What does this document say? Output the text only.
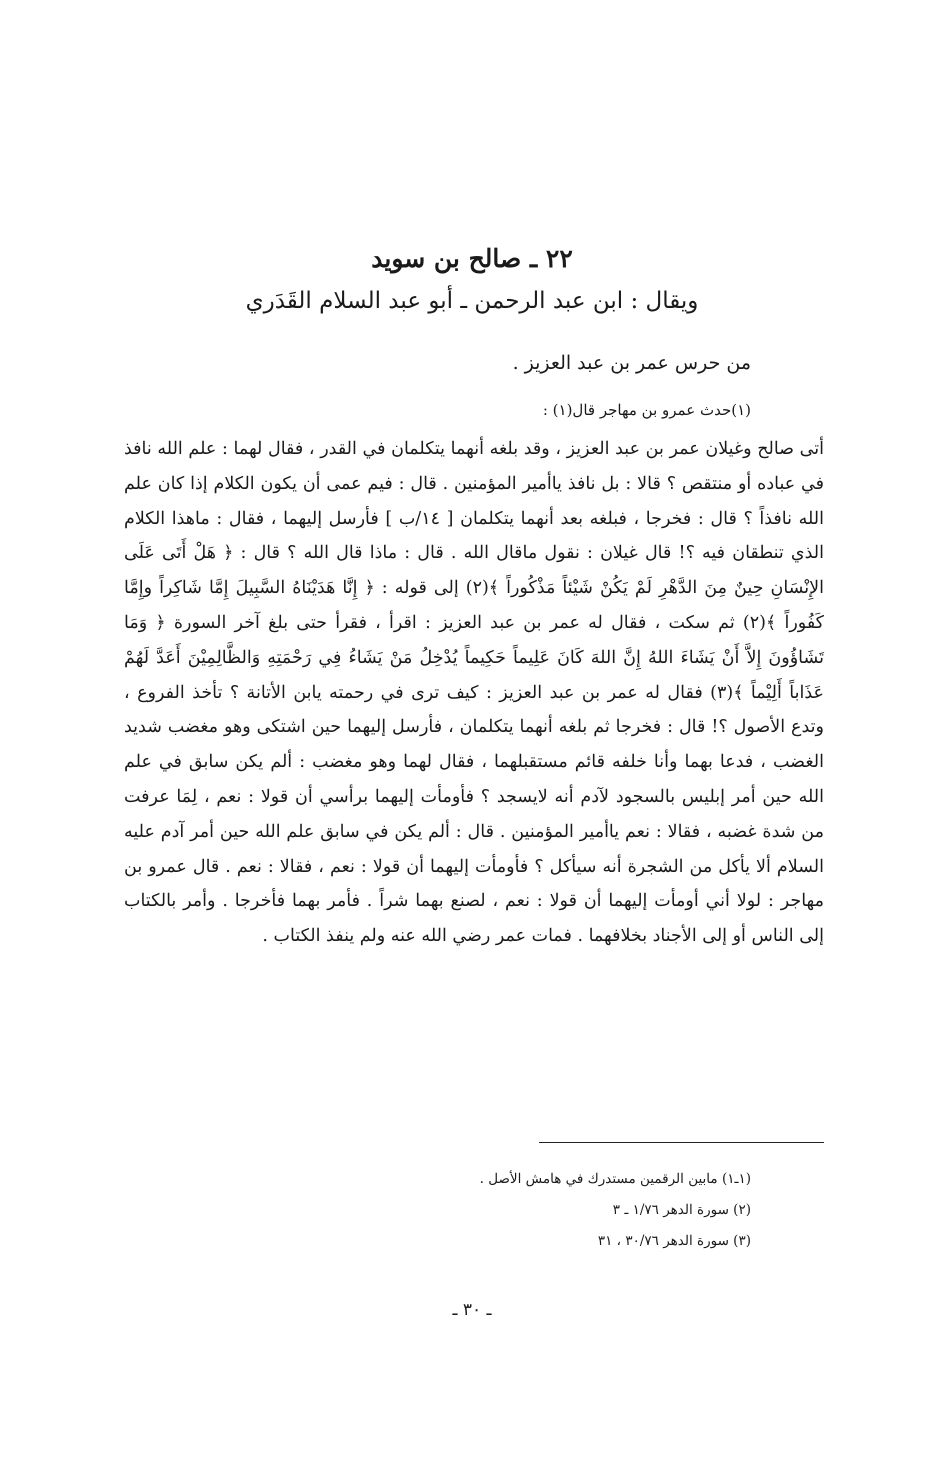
٢٢ ـ صالح بن سويد
ويقال : ابن عبد الرحمن ـ أبو عبد السلام القَدَري
من حرس عمر بن عبد العزيز .
(١)حدث عمرو بن مهاجر قال(١) :
أتى صالح وغيلان عمر بن عبد العزيز ، وقد بلغه أنهما يتكلمان في القدر ، فقال لهما : علم الله نافذ في عباده أو منتقص ؟ قالا : بل نافذ ياأمير المؤمنين . قال : فيم عمى أن يكون الكلام إذا كان علم الله نافذاً ؟ قال : فخرجا ، فبلغه بعد أنهما يتكلمان [ ١٤/ب ] فأرسل إليهما ، فقال : ماهذا الكلام الذي تنطقان فيه ؟! قال غيلان : نقول ماقال الله . قال : ماذا قال الله ؟ قال : ﴿ هَلْ أَتَى عَلَى الإِنْسَانِ حِينٌ مِنَ الدَّهْرِ لَمْ يَكُنْ شَيْئاً مَذْكُوراً ﴾(٢) إلى قوله : ﴿ إِنَّا هَدَيْنَاهُ السَّبِيلَ إِمَّا شَاكِراً وإِمَّا كَفُوراً ﴾(٢) ثم سكت ، فقال له عمر بن عبد العزيز : اقرأ ، فقرأ حتى بلغ آخر السورة ﴿ وَمَا تَشَاؤُونَ إِلاَّ أَنْ يَشَاءَ اللهُ إِنَّ اللهَ كَانَ عَلِيماً حَكِيماً يُدْخِلُ مَنْ يَشَاءُ فِي رَحْمَتِهِ وَالظَّالِمِيْنَ أَعَدَّ لَهُمْ عَذَاباً أَلِيْماً ﴾(٣) فقال له عمر بن عبد العزيز : كيف ترى في رحمته يابن الأتانة ؟ تأخذ الفروع ، وتدع الأصول ؟! قال : فخرجا ثم بلغه أنهما يتكلمان ، فأرسل إليهما حين اشتكى وهو مغضب شديد الغضب ، فدعا بهما وأنا خلفه قائم مستقبلهما ، فقال لهما وهو مغضب : ألم يكن سابق في علم الله حين أمر إبليس بالسجود لآدم أنه لايسجد ؟ فأومأت إليهما برأسي أن قولا : نعم ، لِمَا عرفت من شدة غضبه ، فقالا : نعم ياأمير المؤمنين . قال : ألم يكن في سابق علم الله حين أمر آدم عليه السلام ألا يأكل من الشجرة أنه سيأكل ؟ فأومأت إليهما أن قولا : نعم ، فقالا : نعم . قال عمرو بن مهاجر : لولا أني أومأت إليهما أن قولا : نعم ، لصنع بهما شراً . فأمر بهما فأخرجا . وأمر بالكتاب إلى الناس أو إلى الأجناد بخلافهما . فمات عمر رضي الله عنه ولم ينفذ الكتاب .
(١ـ١) مابين الرقمين مستدرك في هامش الأصل .
(٢) سورة الدهر ١/٧٦ ـ ٣
(٣) سورة الدهر ٣٠/٧٦ ، ٣١
ـ ٣٠ ـ
